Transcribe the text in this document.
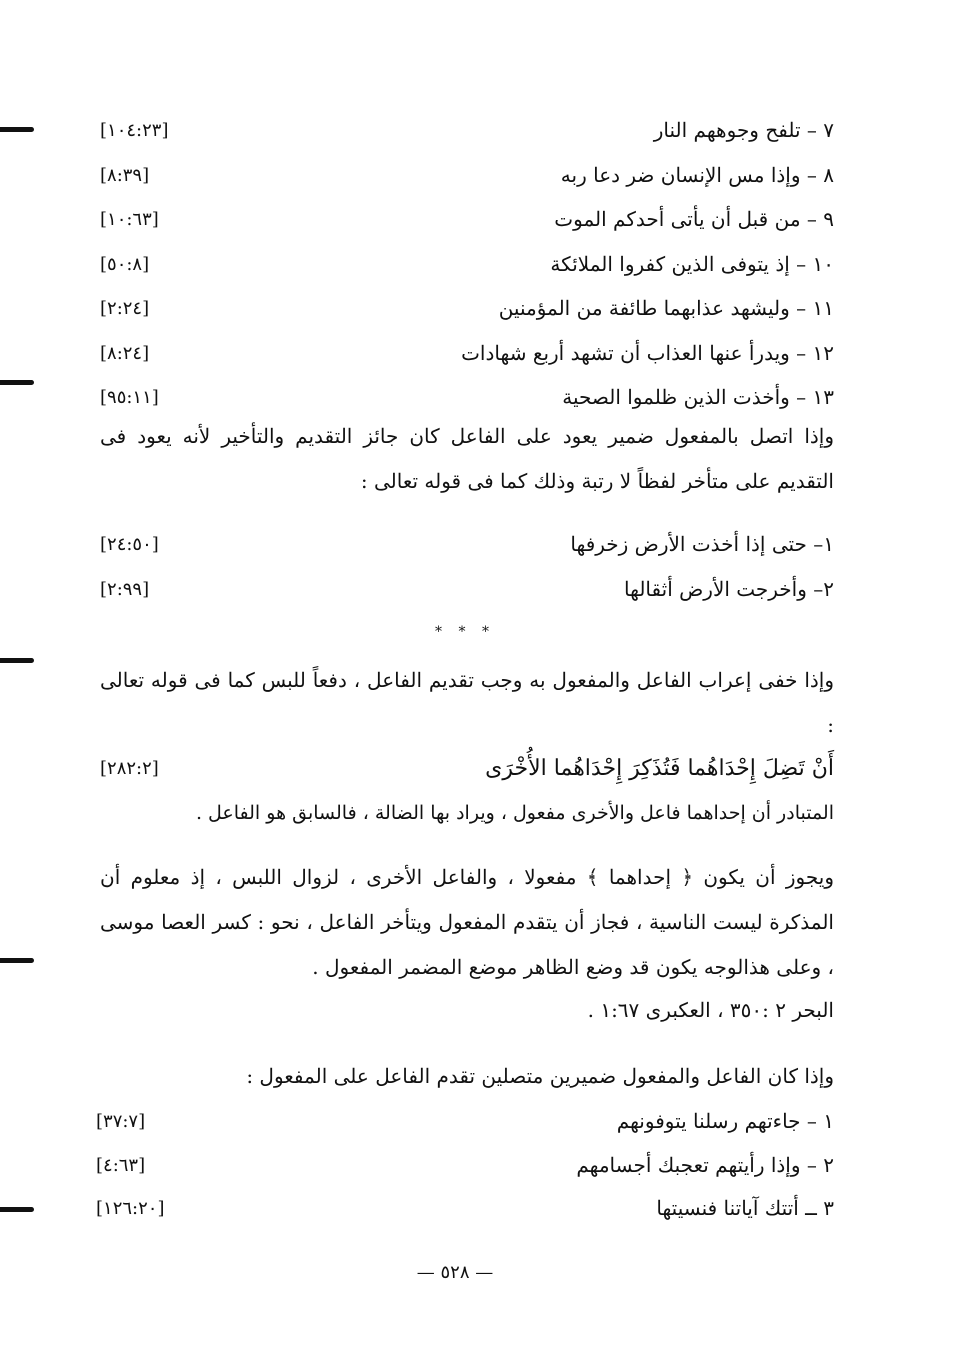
[١٠٤:٢٣]	٧ – تلفح وجوههم النار
[٨:٣٩]	٨ – وإذا مس الإنسان ضر دعا ربه
[١٠:٦٣]	٩ – من قبل أن يأتى أحدكم الموت
[٥٠:٨]	١٠ – إذ يتوفى الذين كفروا الملائكة
[٢:٢٤]	١١ – وليشهد عذابهما طائفة من المؤمنين
[٨:٢٤]	١٢ – ويدرأ عنها العذاب أن تشهد أربع شهادات
[٩٥:١١]	١٣ – وأخذت الذين ظلموا الصحية

وإذا اتصل بالمفعول ضمير يعود على الفاعل كان جائز التقديم والتأخير لأنه يعود فى التقديم على متأخر لفظاً لا رتبة وذلك كما فى قوله تعالى :

[٢٤:٥٠]	١– حتى إذا أخذت الأرض زخرفها
[٢:٩٩]	٢– وأخرجت الأرض أثقالها
* * *

وإذا خفى إعراب الفاعل والمفعول به وجب تقديم الفاعل ، دفعاً للبس كما فى قوله تعالى :

[٢٨٢:٢]	أَنْ تَضِلَ إِحْدَاهُما فَتُذَكِرَ إِحْدَاهُما الأُخْرَى

المتبادر أن إحداهما فاعل والأخرى مفعول ، ويراد بها الضالة ، فالسابق هو الفاعل .

ويجوز أن يكون ﴿ إحداهما ﴾ مفعولا ، والفاعل الأخرى ، لزوال اللبس ، إذ معلوم أن المذكرة ليست الناسية ، فجاز أن يتقدم المفعول ويتأخر الفاعل ، نحو : كسر العصا موسى ، وعلى هذالوجه يكون قد وضع الظاهر موضع المضمر المفعول .

البحر ٢ :٣٥٠ ، العكبرى ١:٦٧ .

وإذا كان الفاعل والمفعول ضميرين متصلين تقدم الفاعل على المفعول :

[٣٧:٧]	١ – جاءتهم رسلنا يتوفونهم
[٤:٦٣]	٢ – وإذا رأيتهم تعجبك أجسامهم
[١٢٦:٢٠]	٣ ــ أتتك آياتنا فنسيتها
— ٥٢٨ —
